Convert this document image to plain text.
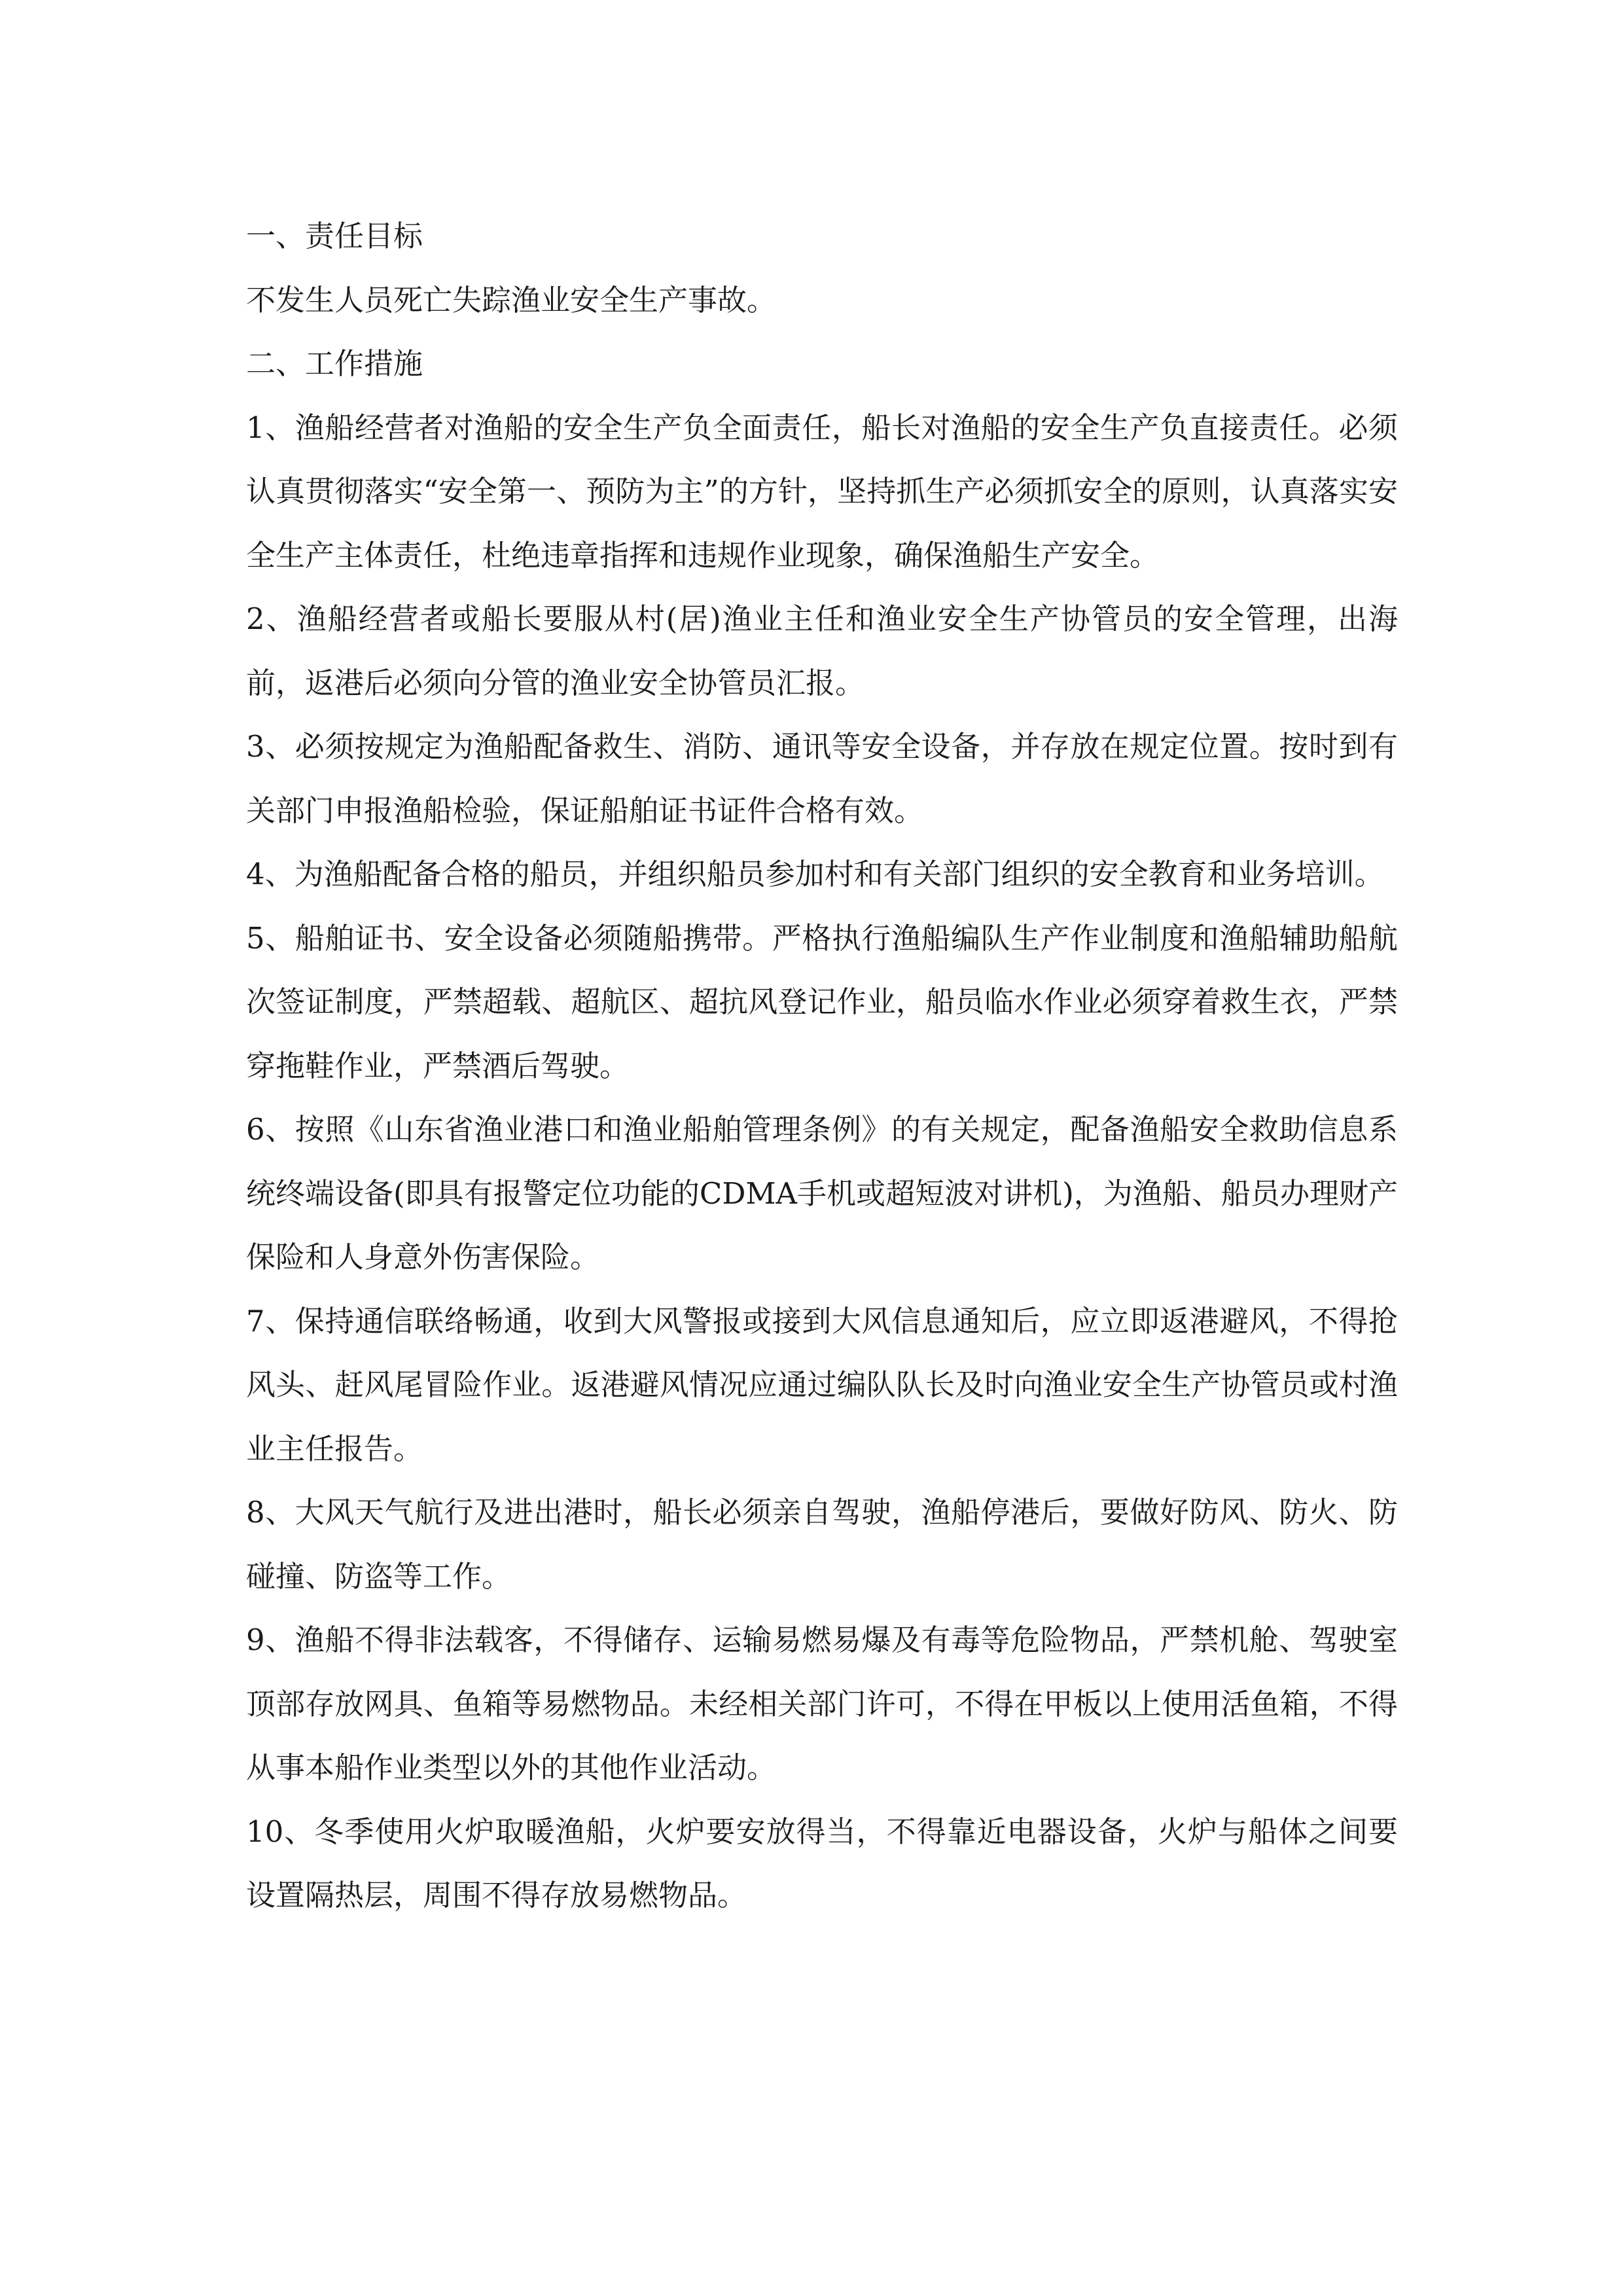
一、责任目标

不发生人员死亡失踪渔业安全生产事故。

二、工作措施

1、渔船经营者对渔船的安全生产负全面责任，船长对渔船的安全生产负直接责任。必须认真贯彻落实“安全第一、预防为主”的方针，坚持抓生产必须抓安全的原则，认真落实安全生产主体责任，杜绝违章指挥和违规作业现象，确保渔船生产安全。

2、渔船经营者或船长要服从村(居)渔业主任和渔业安全生产协管员的安全管理，出海前，返港后必须向分管的渔业安全协管员汇报。

3、必须按规定为渔船配备救生、消防、通讯等安全设备，并存放在规定位置。按时到有关部门申报渔船检验，保证船舶证书证件合格有效。

4、为渔船配备合格的船员，并组织船员参加村和有关部门组织的安全教育和业务培训。

5、船舶证书、安全设备必须随船携带。严格执行渔船编队生产作业制度和渔船辅助船航次签证制度，严禁超载、超航区、超抗风登记作业，船员临水作业必须穿着救生衣，严禁穿拖鞋作业，严禁酒后驾驶。

6、按照《山东省渔业港口和渔业船舶管理条例》的有关规定，配备渔船安全救助信息系统终端设备(即具有报警定位功能的CDMA手机或超短波对讲机)，为渔船、船员办理财产保险和人身意外伤害保险。

7、保持通信联络畅通，收到大风警报或接到大风信息通知后，应立即返港避风，不得抢风头、赶风尾冒险作业。返港避风情况应通过编队队长及时向渔业安全生产协管员或村渔业主任报告。

8、大风天气航行及进出港时，船长必须亲自驾驶，渔船停港后，要做好防风、防火、防碰撞、防盗等工作。

9、渔船不得非法载客，不得储存、运输易燃易爆及有毒等危险物品，严禁机舱、驾驶室顶部存放网具、鱼箱等易燃物品。未经相关部门许可，不得在甲板以上使用活鱼箱，不得从事本船作业类型以外的其他作业活动。

10、冬季使用火炉取暖渔船，火炉要安放得当，不得靠近电器设备，火炉与船体之间要设置隔热层，周围不得存放易燃物品。
